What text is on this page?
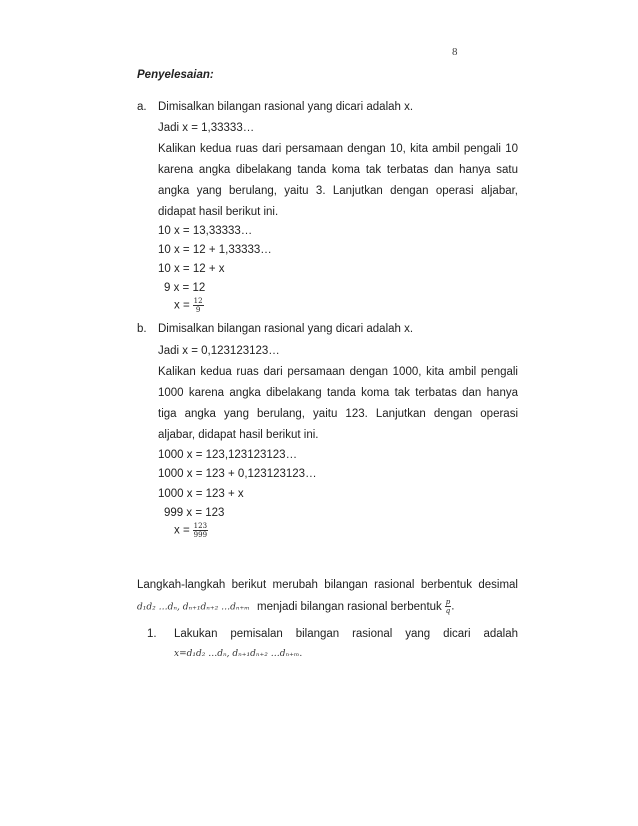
8
Penyelesaian:
a. Dimisalkan bilangan rasional yang dicari adalah x.
Jadi x = 1,33333…
Kalikan kedua ruas dari persamaan dengan 10, kita ambil pengali 10
karena angka dibelakang tanda koma tak terbatas dan hanya satu
angka yang berulang, yaitu 3. Lanjutkan dengan operasi aljabar,
didapat hasil berikut ini.
10 x = 13,33333…
10 x = 12 + 1,33333…
10 x = 12 + x
9 x = 12
$x = \frac{12}{9}$
b. Dimisalkan bilangan rasional yang dicari adalah x.
Jadi x = 0,123123123…
Kalikan kedua ruas dari persamaan dengan 1000, kita ambil pengali
1000 karena angka dibelakang tanda koma tak terbatas dan hanya
tiga angka yang berulang, yaitu 123. Lanjutkan dengan operasi
aljabar, didapat hasil berikut ini.
1000 x = 123,123123123…
1000 x = 123 + 0,123123123…
1000 x = 123 + x
999 x = 123
$x = \frac{123}{999}$
Langkah-langkah berikut merubah bilangan rasional berbentuk desimal
d₁d₂ …dₙ, dₙ₊₁dₙ₊₂ …dₙ₊ₘ menjadi bilangan rasional berbentuk $\frac{p}{q}$ .
1. Lakukan pemisalan bilangan rasional yang dicari adalah
x=d₁d₂ …dₙ, dₙ₊₁dₙ₊₂ …dₙ₊ₘ.
